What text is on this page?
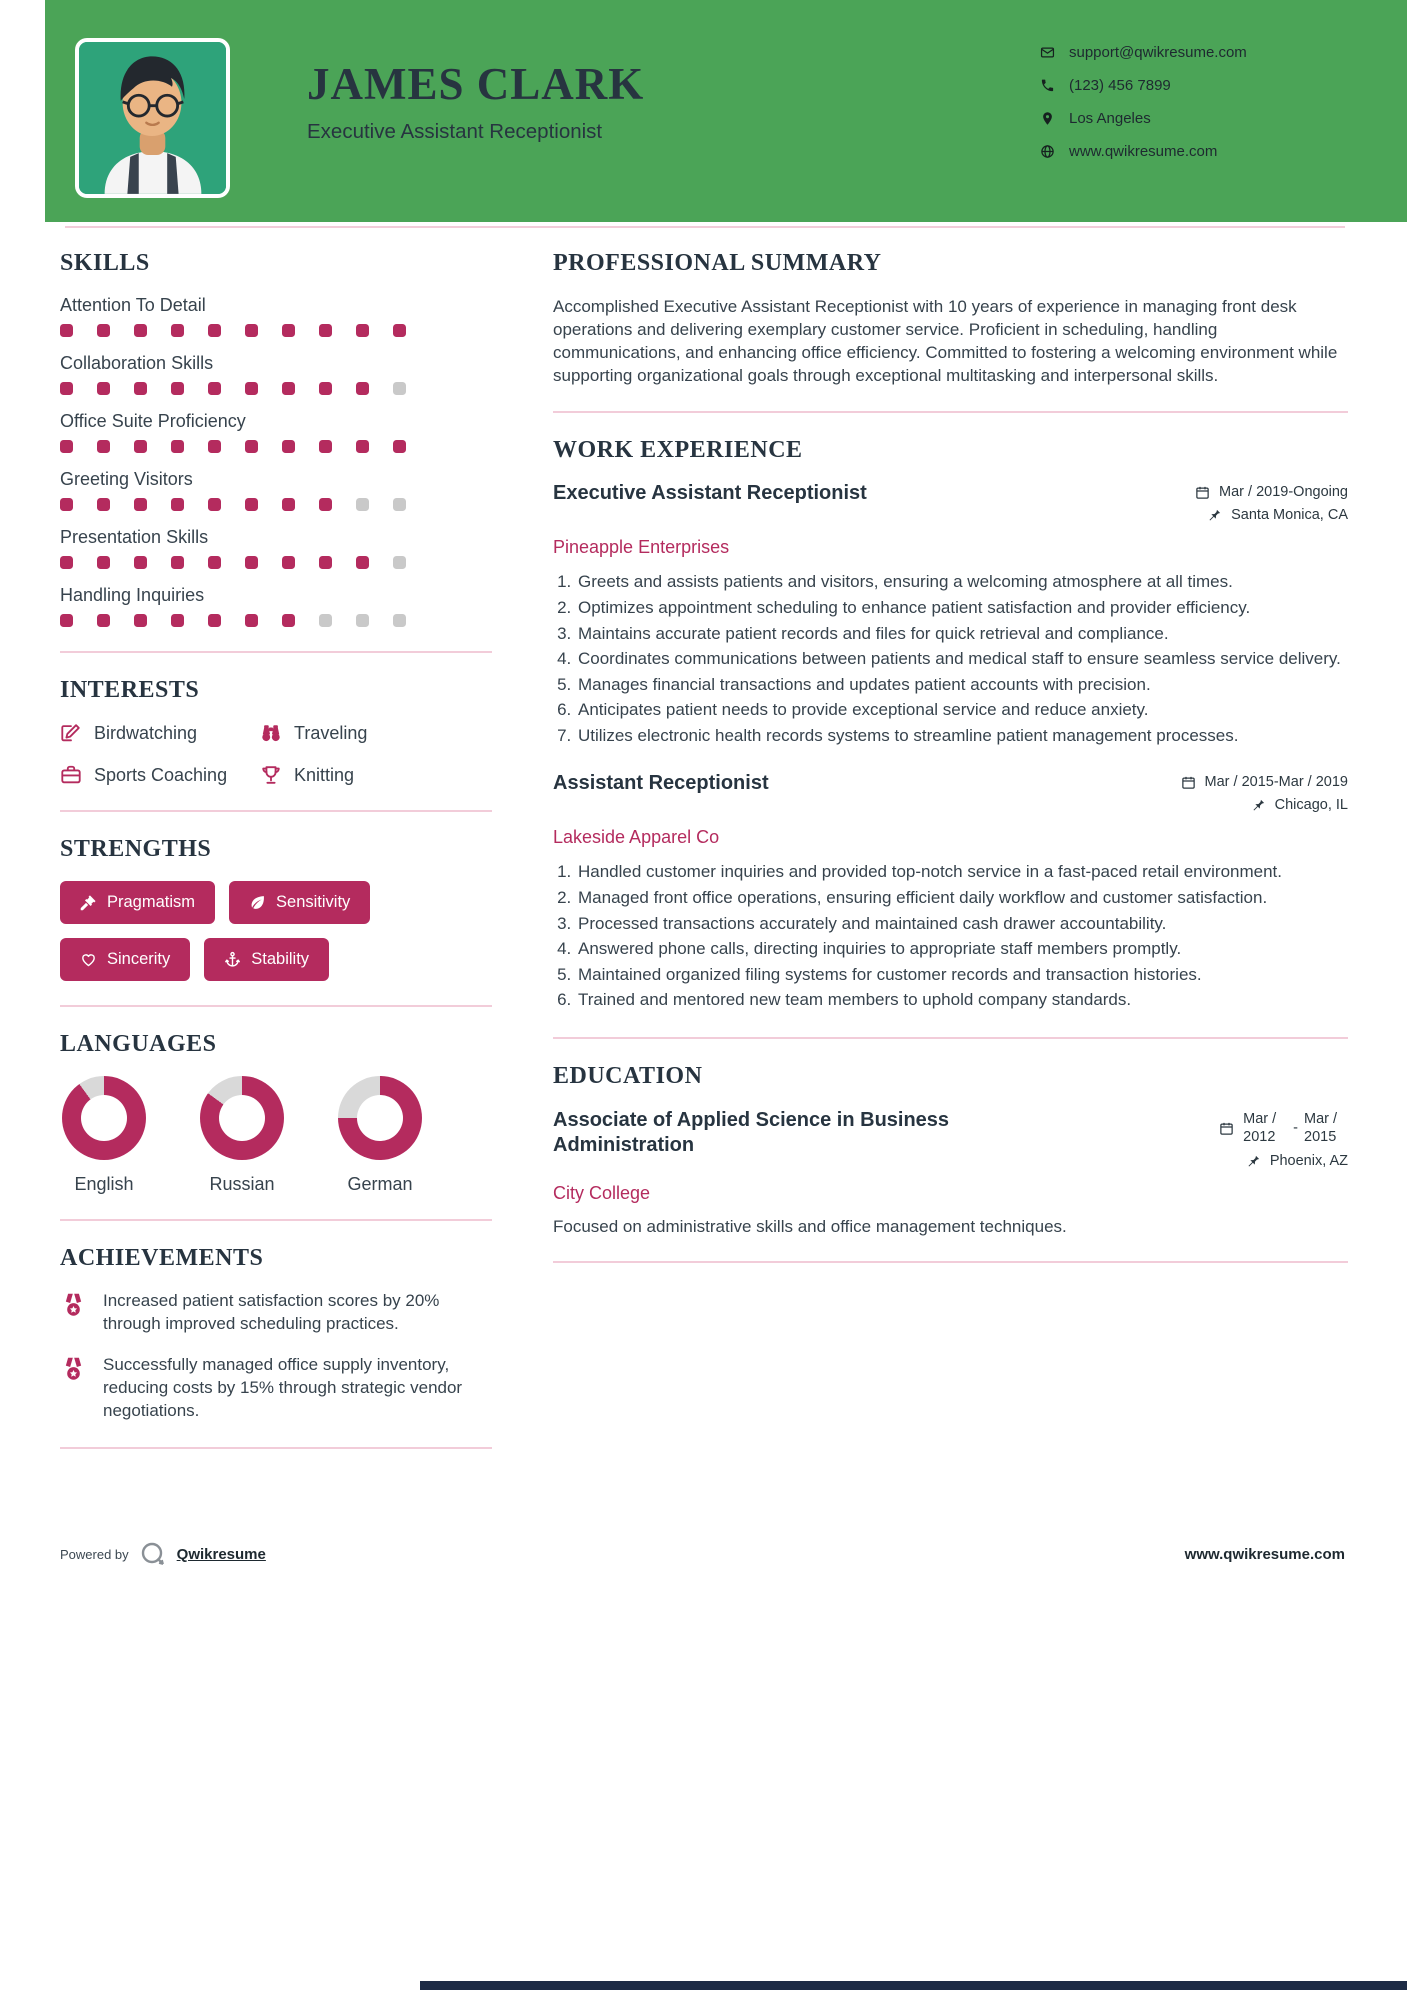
JAMES CLARK
Executive Assistant Receptionist
support@qwikresume.com
(123) 456 7899
Los Angeles
www.qwikresume.com
SKILLS
Attention To Detail
Collaboration Skills
Office Suite Proficiency
Greeting Visitors
Presentation Skills
Handling Inquiries
INTERESTS
Birdwatching	Traveling
Sports Coaching	Knitting
STRENGTHS
Pragmatism	Sensitivity
Sincerity	Stability
LANGUAGES
English	Russian	German
ACHIEVEMENTS
Increased patient satisfaction scores by 20% through improved scheduling practices.
Successfully managed office supply inventory, reducing costs by 15% through strategic vendor negotiations.
PROFESSIONAL SUMMARY

Accomplished Executive Assistant Receptionist with 10 years of experience in managing front desk operations and delivering exemplary customer service. Proficient in scheduling, handling communications, and enhancing office efficiency. Committed to fostering a welcoming environment while supporting organizational goals through exceptional multitasking and interpersonal skills.

WORK EXPERIENCE
Executive Assistant Receptionist	Mar / 2019-Ongoing
Santa Monica, CA
Pineapple Enterprises
1. Greets and assists patients and visitors, ensuring a welcoming atmosphere at all times.
2. Optimizes appointment scheduling to enhance patient satisfaction and provider efficiency.
3. Maintains accurate patient records and files for quick retrieval and compliance.
4. Coordinates communications between patients and medical staff to ensure seamless service delivery.
5. Manages financial transactions and updates patient accounts with precision.
6. Anticipates patient needs to provide exceptional service and reduce anxiety.
7. Utilizes electronic health records systems to streamline patient management processes.
Assistant Receptionist	Mar / 2015-Mar / 2019
Chicago, IL
Lakeside Apparel Co
1. Handled customer inquiries and provided top-notch service in a fast-paced retail environment.
2. Managed front office operations, ensuring efficient daily workflow and customer satisfaction.
3. Processed transactions accurately and maintained cash drawer accountability.
4. Answered phone calls, directing inquiries to appropriate staff members promptly.
5. Maintained organized filing systems for customer records and transaction histories.
6. Trained and mentored new team members to uphold company standards.
EDUCATION
Associate of Applied Science in Business Administration
Mar / 2012
-
Mar / 2015
Phoenix, AZ
City College

Focused on administrative skills and office management techniques.

Powered by	Qwikresume	www.qwikresume.com
